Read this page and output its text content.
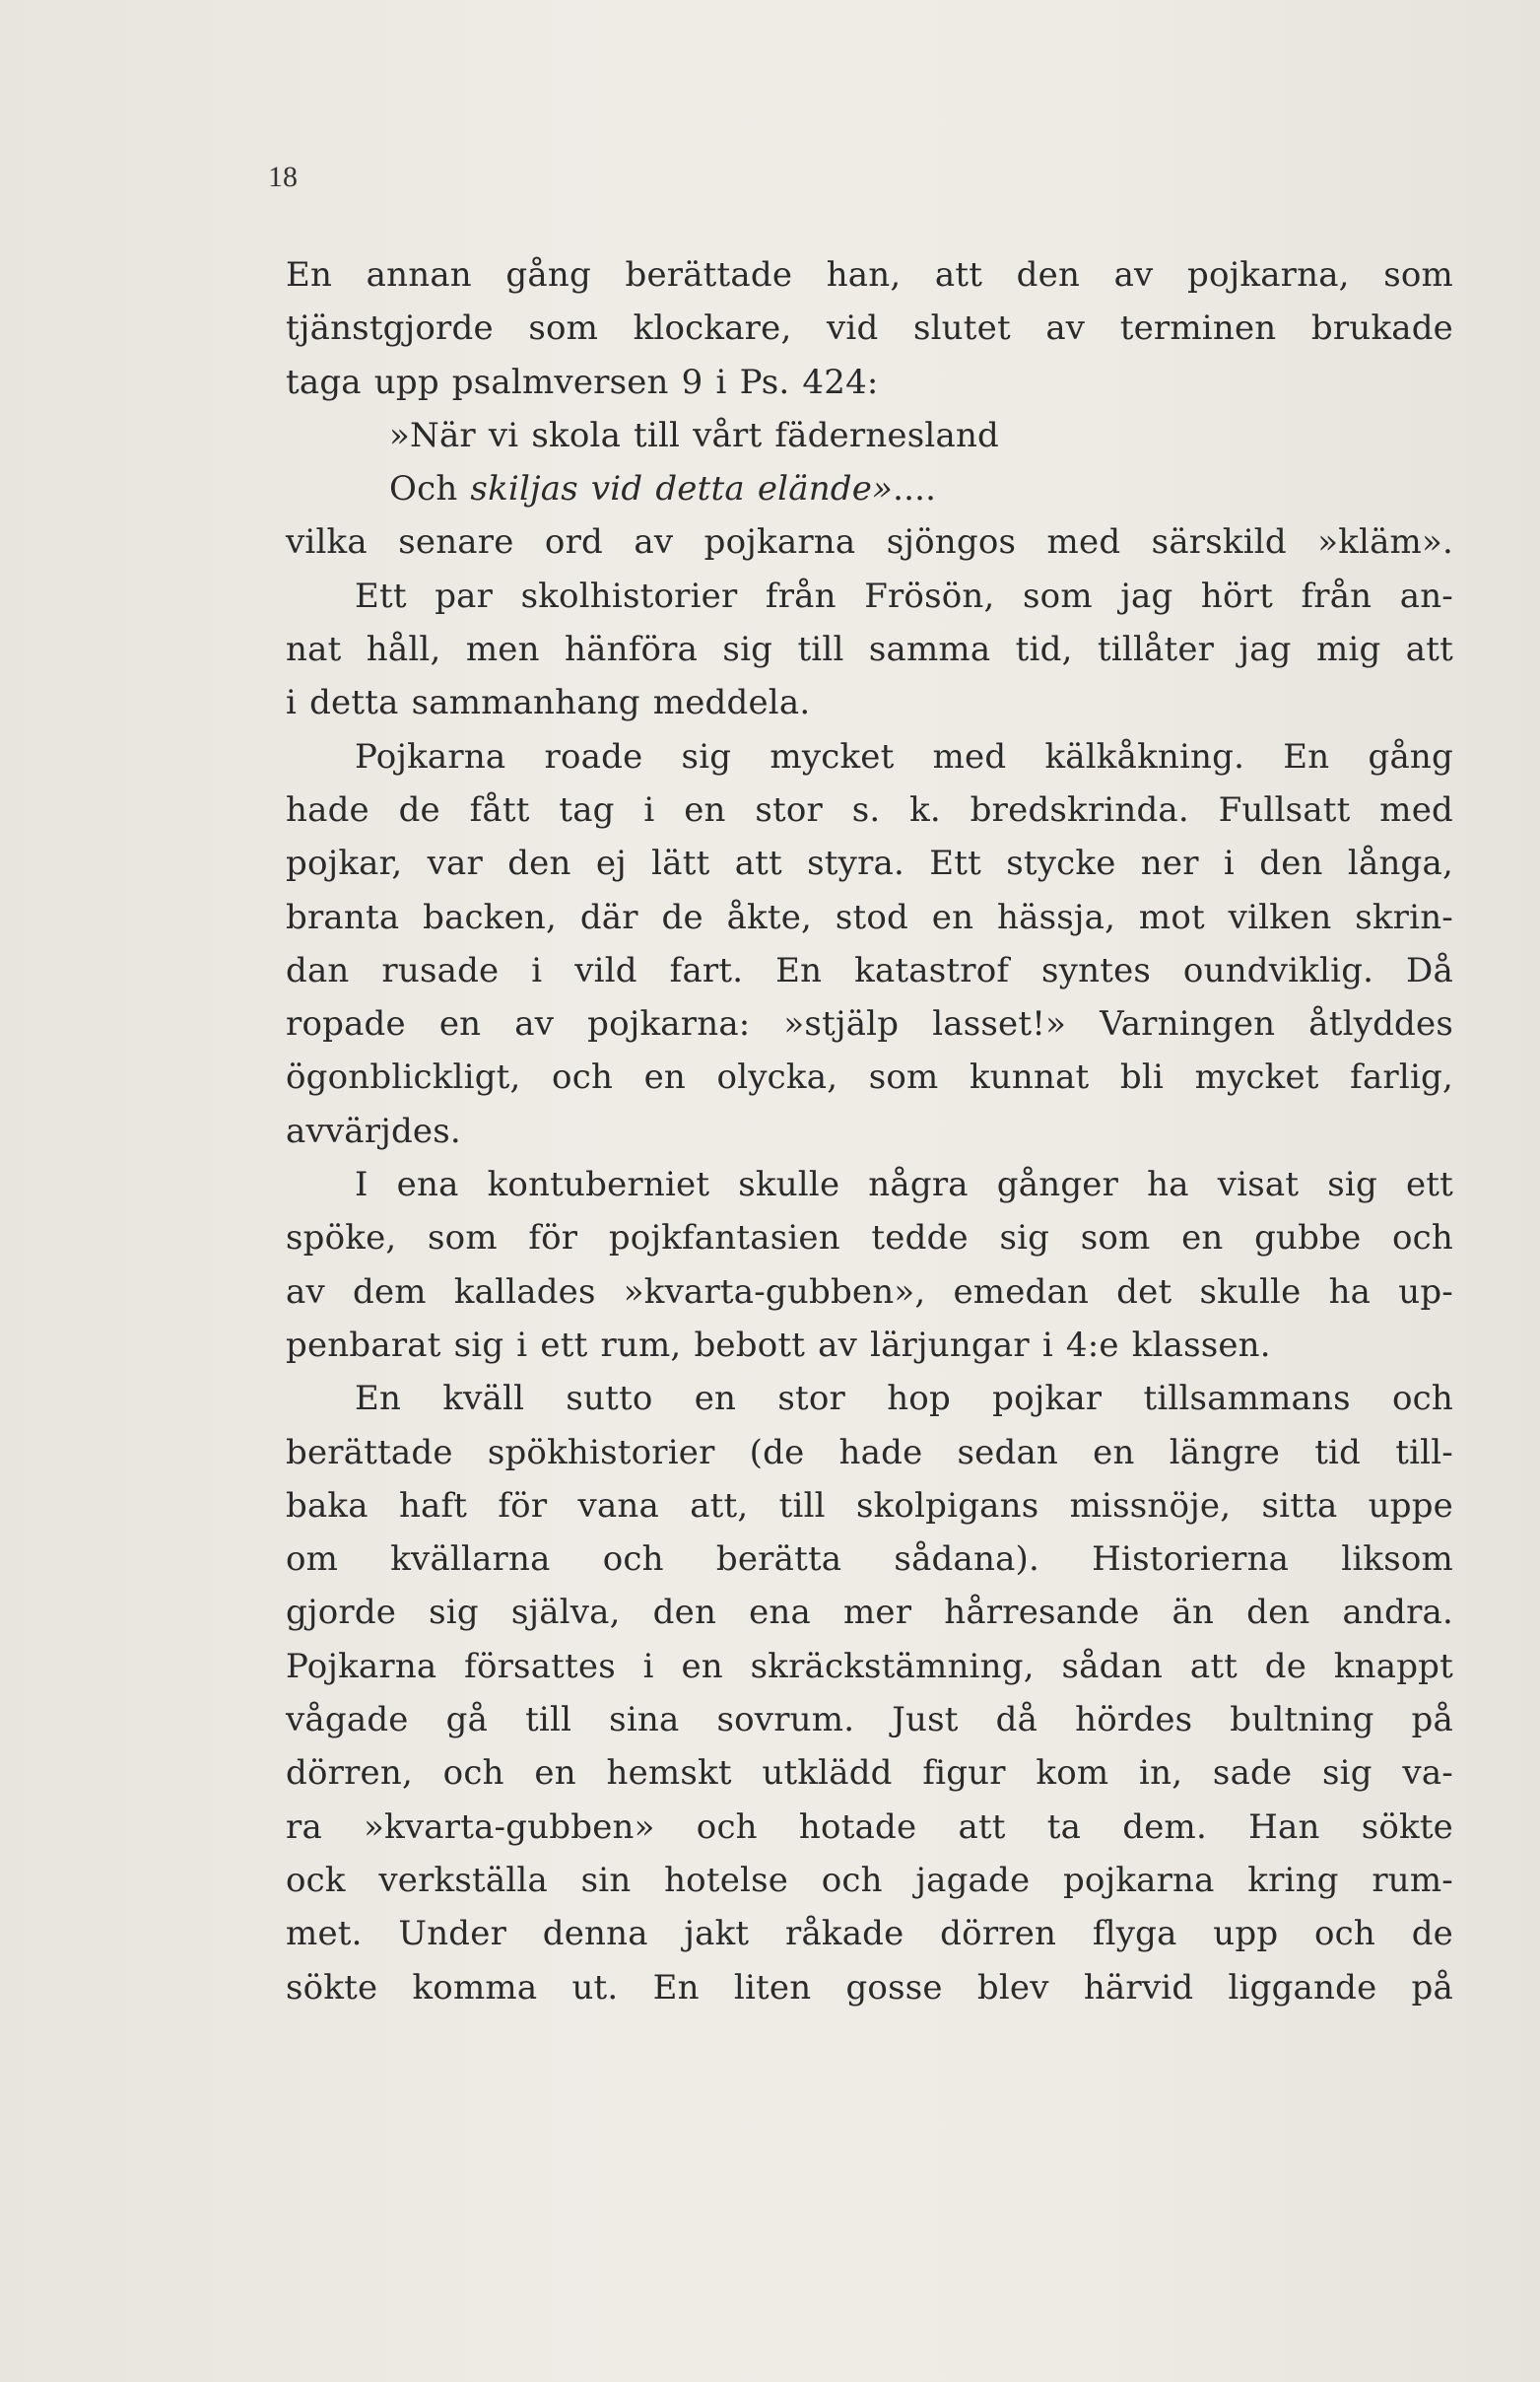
18
En annan gång berättade han, att den av pojkarna, som
tjänstgjorde som klockare, vid slutet av terminen brukade
taga upp psalmversen 9 i Ps. 424:
»När vi skola till vårt fädernesland
Och skiljas vid detta elände»....
vilka senare ord av pojkarna sjöngos med särskild »kläm».
Ett par skolhistorier från Frösön, som jag hört från an-
nat håll, men hänföra sig till samma tid, tillåter jag mig att
i detta sammanhang meddela.
Pojkarna roade sig mycket med kälkåkning. En gång
hade de fått tag i en stor s. k. bredskrinda. Fullsatt med
pojkar, var den ej lätt att styra. Ett stycke ner i den långa,
branta backen, där de åkte, stod en hässja, mot vilken skrin-
dan rusade i vild fart. En katastrof syntes oundviklig. Då
ropade en av pojkarna: »stjälp lasset!» Varningen åtlyddes
ögonblickligt, och en olycka, som kunnat bli mycket farlig,
avvärjdes.
I ena kontuberniet skulle några gånger ha visat sig ett
spöke, som för pojkfantasien tedde sig som en gubbe och
av dem kallades »kvarta-gubben», emedan det skulle ha up-
penbarat sig i ett rum, bebott av lärjungar i 4:e klassen.
En kväll sutto en stor hop pojkar tillsammans och
berättade spökhistorier (de hade sedan en längre tid till-
baka haft för vana att, till skolpigans missnöje, sitta uppe
om kvällarna och berätta sådana). Historierna liksom
gjorde sig själva, den ena mer hårresande än den andra.
Pojkarna försattes i en skräckstämning, sådan att de knappt
vågade gå till sina sovrum. Just då hördes bultning på
dörren, och en hemskt utklädd figur kom in, sade sig va-
ra »kvarta-gubben» och hotade att ta dem. Han sökte
ock verkställa sin hotelse och jagade pojkarna kring rum-
met. Under denna jakt råkade dörren flyga upp och de
sökte komma ut. En liten gosse blev härvid liggande på
